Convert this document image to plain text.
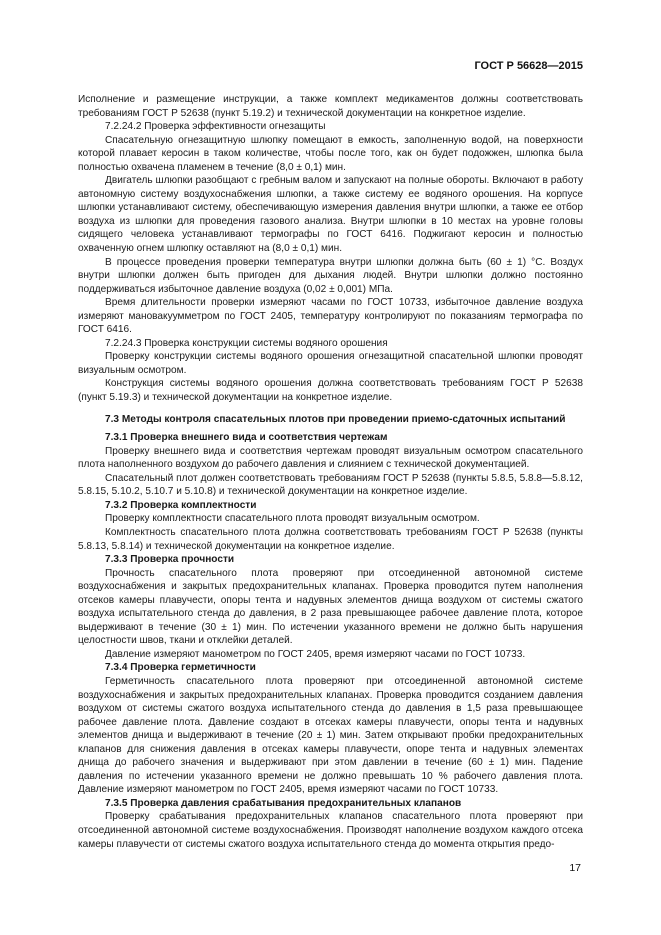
ГОСТ Р 56628—2015

Исполнение и размещение инструкции, а также комплект медикаментов должны соответствовать требованиям ГОСТ Р 52638 (пункт 5.19.2) и технической документации на конкретное изделие.

7.2.24.2 Проверка эффективности огнезащиты

Спасательную огнезащитную шлюпку помещают в емкость, заполненную водой, на поверхности которой плавает керосин в таком количестве, чтобы после того, как он будет подожжен, шлюпка была полностью охвачена пламенем в течение (8,0 ± 0,1) мин.

Двигатель шлюпки разобщают с гребным валом и запускают на полные обороты. Включают в работу автономную систему воздухоснабжения шлюпки, а также систему ее водяного орошения. На корпусе шлюпки устанавливают систему, обеспечивающую измерения давления внутри шлюпки, а также ее отбор воздуха из шлюпки для проведения газового анализа. Внутри шлюпки в 10 местах на уровне головы сидящего человека устанавливают термографы по ГОСТ 6416. Поджигают керосин и полностью охваченную огнем шлюпку оставляют на (8,0 ± 0,1) мин.

В процессе проведения проверки температура внутри шлюпки должна быть (60 ± 1) °С. Воздух внутри шлюпки должен быть пригоден для дыхания людей. Внутри шлюпки должно постоянно поддерживаться избыточное давление воздуха (0,02 ± 0,001) МПа.

Время длительности проверки измеряют часами по ГОСТ 10733, избыточное давление воздуха измеряют мановакуумметром по ГОСТ 2405, температуру контролируют по показаниям термографа по ГОСТ 6416.

7.2.24.3 Проверка конструкции системы водяного орошения

Проверку конструкции системы водяного орошения огнезащитной спасательной шлюпки проводят визуальным осмотром.

Конструкция системы водяного орошения должна соответствовать требованиям ГОСТ Р 52638 (пункт 5.19.3) и технической документации на конкретное изделие.

7.3 Методы контроля спасательных плотов при проведении приемо-сдаточных испытаний

7.3.1 Проверка внешнего вида и соответствия чертежам

Проверку внешнего вида и соответствия чертежам проводят визуальным осмотром спасательного плота наполненного воздухом до рабочего давления и слиянием с технической документацией.

Спасательный плот должен соответствовать требованиям ГОСТ Р 52638 (пункты 5.8.5, 5.8.8—5.8.12, 5.8.15, 5.10.2, 5.10.7 и 5.10.8) и технической документации на конкретное изделие.

7.3.2 Проверка комплектности

Проверку комплектности спасательного плота проводят визуальным осмотром.

Комплектность спасательного плота должна соответствовать требованиям ГОСТ Р 52638 (пункты 5.8.13, 5.8.14) и технической документации на конкретное изделие.

7.3.3 Проверка прочности

Прочность спасательного плота проверяют при отсоединенной автономной системе воздухоснабжения и закрытых предохранительных клапанах. Проверка проводится путем наполнения отсеков камеры плавучести, опоры тента и надувных элементов днища воздухом от системы сжатого воздуха испытательного стенда до давления, в 2 раза превышающее рабочее давление плота, которое выдерживают в течение (30 ± 1) мин. По истечении указанного времени не должно быть нарушения целостности швов, ткани и отклейки деталей.

Давление измеряют манометром по ГОСТ 2405, время измеряют часами по ГОСТ 10733.

7.3.4 Проверка герметичности

Герметичность спасательного плота проверяют при отсоединенной автономной системе воздухоснабжения и закрытых предохранительных клапанах. Проверка проводится созданием давления воздухом от системы сжатого воздуха испытательного стенда до давления в 1,5 раза превышающее рабочее давление плота. Давление создают в отсеках камеры плавучести, опоры тента и надувных элементов днища и выдерживают в течение (20 ± 1) мин. Затем открывают пробки предохранительных клапанов для снижения давления в отсеках камеры плавучести, опоре тента и надувных элементах днища до рабочего значения и выдерживают при этом давлении в течение (60 ± 1) мин. Падение давления по истечении указанного времени не должно превышать 10 % рабочего давления плота. Давление измеряют манометром по ГОСТ 2405, время измеряют часами по ГОСТ 10733.

7.3.5 Проверка давления срабатывания предохранительных клапанов

Проверку срабатывания предохранительных клапанов спасательного плота проверяют при отсоединенной автономной системе воздухоснабжения. Производят наполнение воздухом каждого отсека камеры плавучести от системы сжатого воздуха испытательного стенда до момента открытия предо-

17
